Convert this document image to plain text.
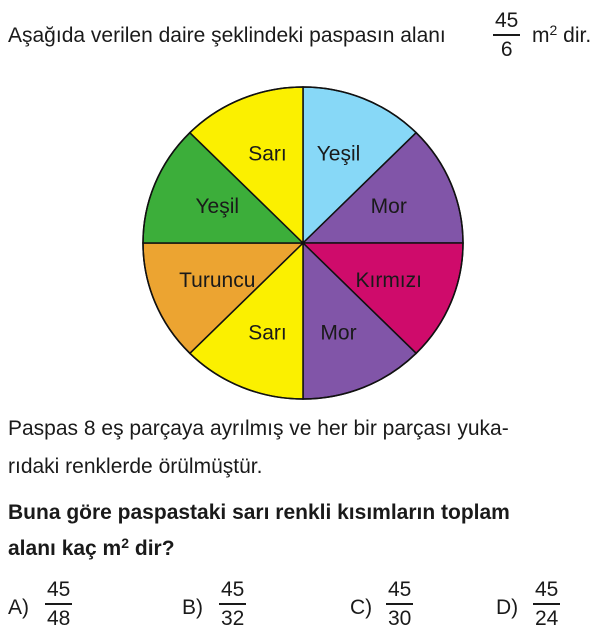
Aşağıda verilen daire şeklindeki paspasın alanı
45
6
$m^2$ dir.
Yeşil
Mor
Kırmızı
Mor
Sarı
Turuncu
Yeşil
Sarı
Paspas 8 eş parçaya ayrılmış ve her bir parçası yuka-
rıdaki renklerde örülmüştür.
Buna göre paspastaki sarı renkli kısımların toplam
alanı kaç $m^2$ dir?
A)
45
48	B)
45
32	C)
45
30	D)
45
24
